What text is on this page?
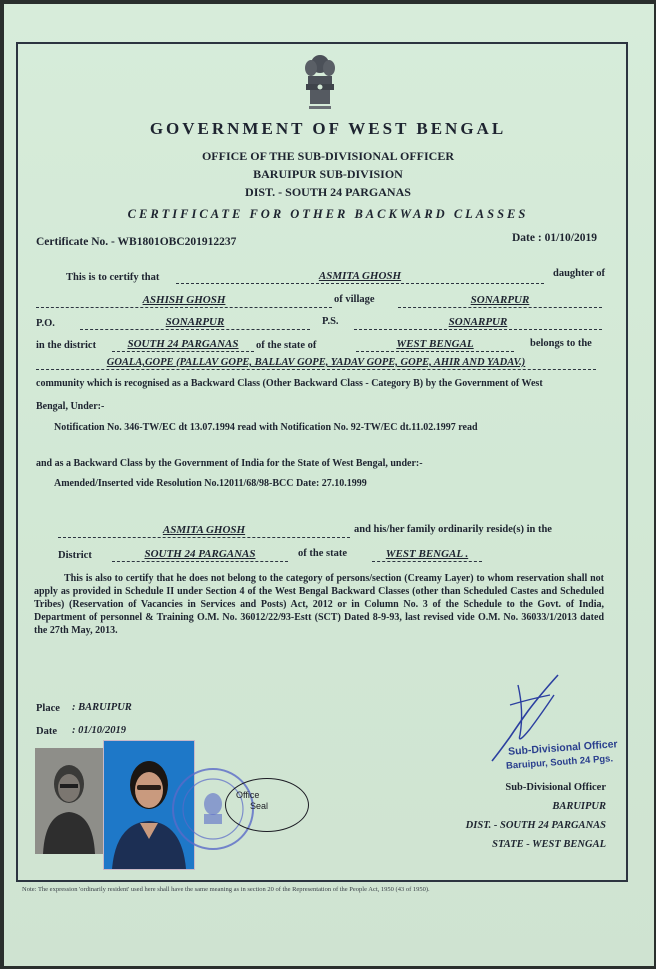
GOVERNMENT OF WEST BENGAL
OFFICE OF THE SUB-DIVISIONAL OFFICER
BARUIPUR SUB-DIVISION
DIST. - SOUTH 24 PARGANAS
CERTIFICATE FOR OTHER BACKWARD CLASSES
Certificate No. - WB1801OBC201912237	Date : 01/10/2019
This is to certify that	ASMITA GHOSH	daughter of
ASHISH GHOSH	of village	SONARPUR
P.O.	SONARPUR	P.S.	SONARPUR
in the district	SOUTH 24 PARGANAS	of the state of	WEST BENGAL	belongs to the
GOALA,GOPE (PALLAV GOPE, BALLAV GOPE, YADAV GOPE, GOPE, AHIR AND YADAV.)
community which is recognised as a Backward Class (Other Backward Class - Category B) by the Government of West
Bengal, Under:-
Notification No. 346-TW/EC dt 13.07.1994 read with Notification No. 92-TW/EC dt.11.02.1997 read
and as a Backward Class by the Government of India for the State of West Bengal, under:-
Amended/Inserted vide Resolution No.12011/68/98-BCC Date: 27.10.1999
ASMITA GHOSH	and his/her family ordinarily reside(s) in the
District	SOUTH 24 PARGANAS	of the state	WEST BENGAL .
This is also to certify that he does not belong to the category of persons/section (Creamy Layer) to whom reservation shall not apply as provided in Schedule II under Section 4 of the West Bengal Backward Classes (other than Scheduled Castes and Scheduled Tribes) (Reservation of Vacancies in Services and Posts) Act, 2012 or in Column No. 3 of the Schedule to the Govt. of India, Department of personnel & Training O.M. No. 36012/22/93-Estt (SCT) Dated 8-9-93, last revised vide O.M. No. 36033/1/2013 dated the 27th May, 2013.
Place : BARUIPUR
Date : 01/10/2019
Office
Seal
Sub-Divisional Officer
Baruipur, South 24 Pgs.
Sub-Divisional Officer
BARUIPUR
DIST. - SOUTH 24 PARGANAS
STATE - WEST BENGAL
Note: The expression 'ordinarily resident' used here shall have the same meaning as in section 20 of the Representation of the People Act, 1950 (43 of 1950).
